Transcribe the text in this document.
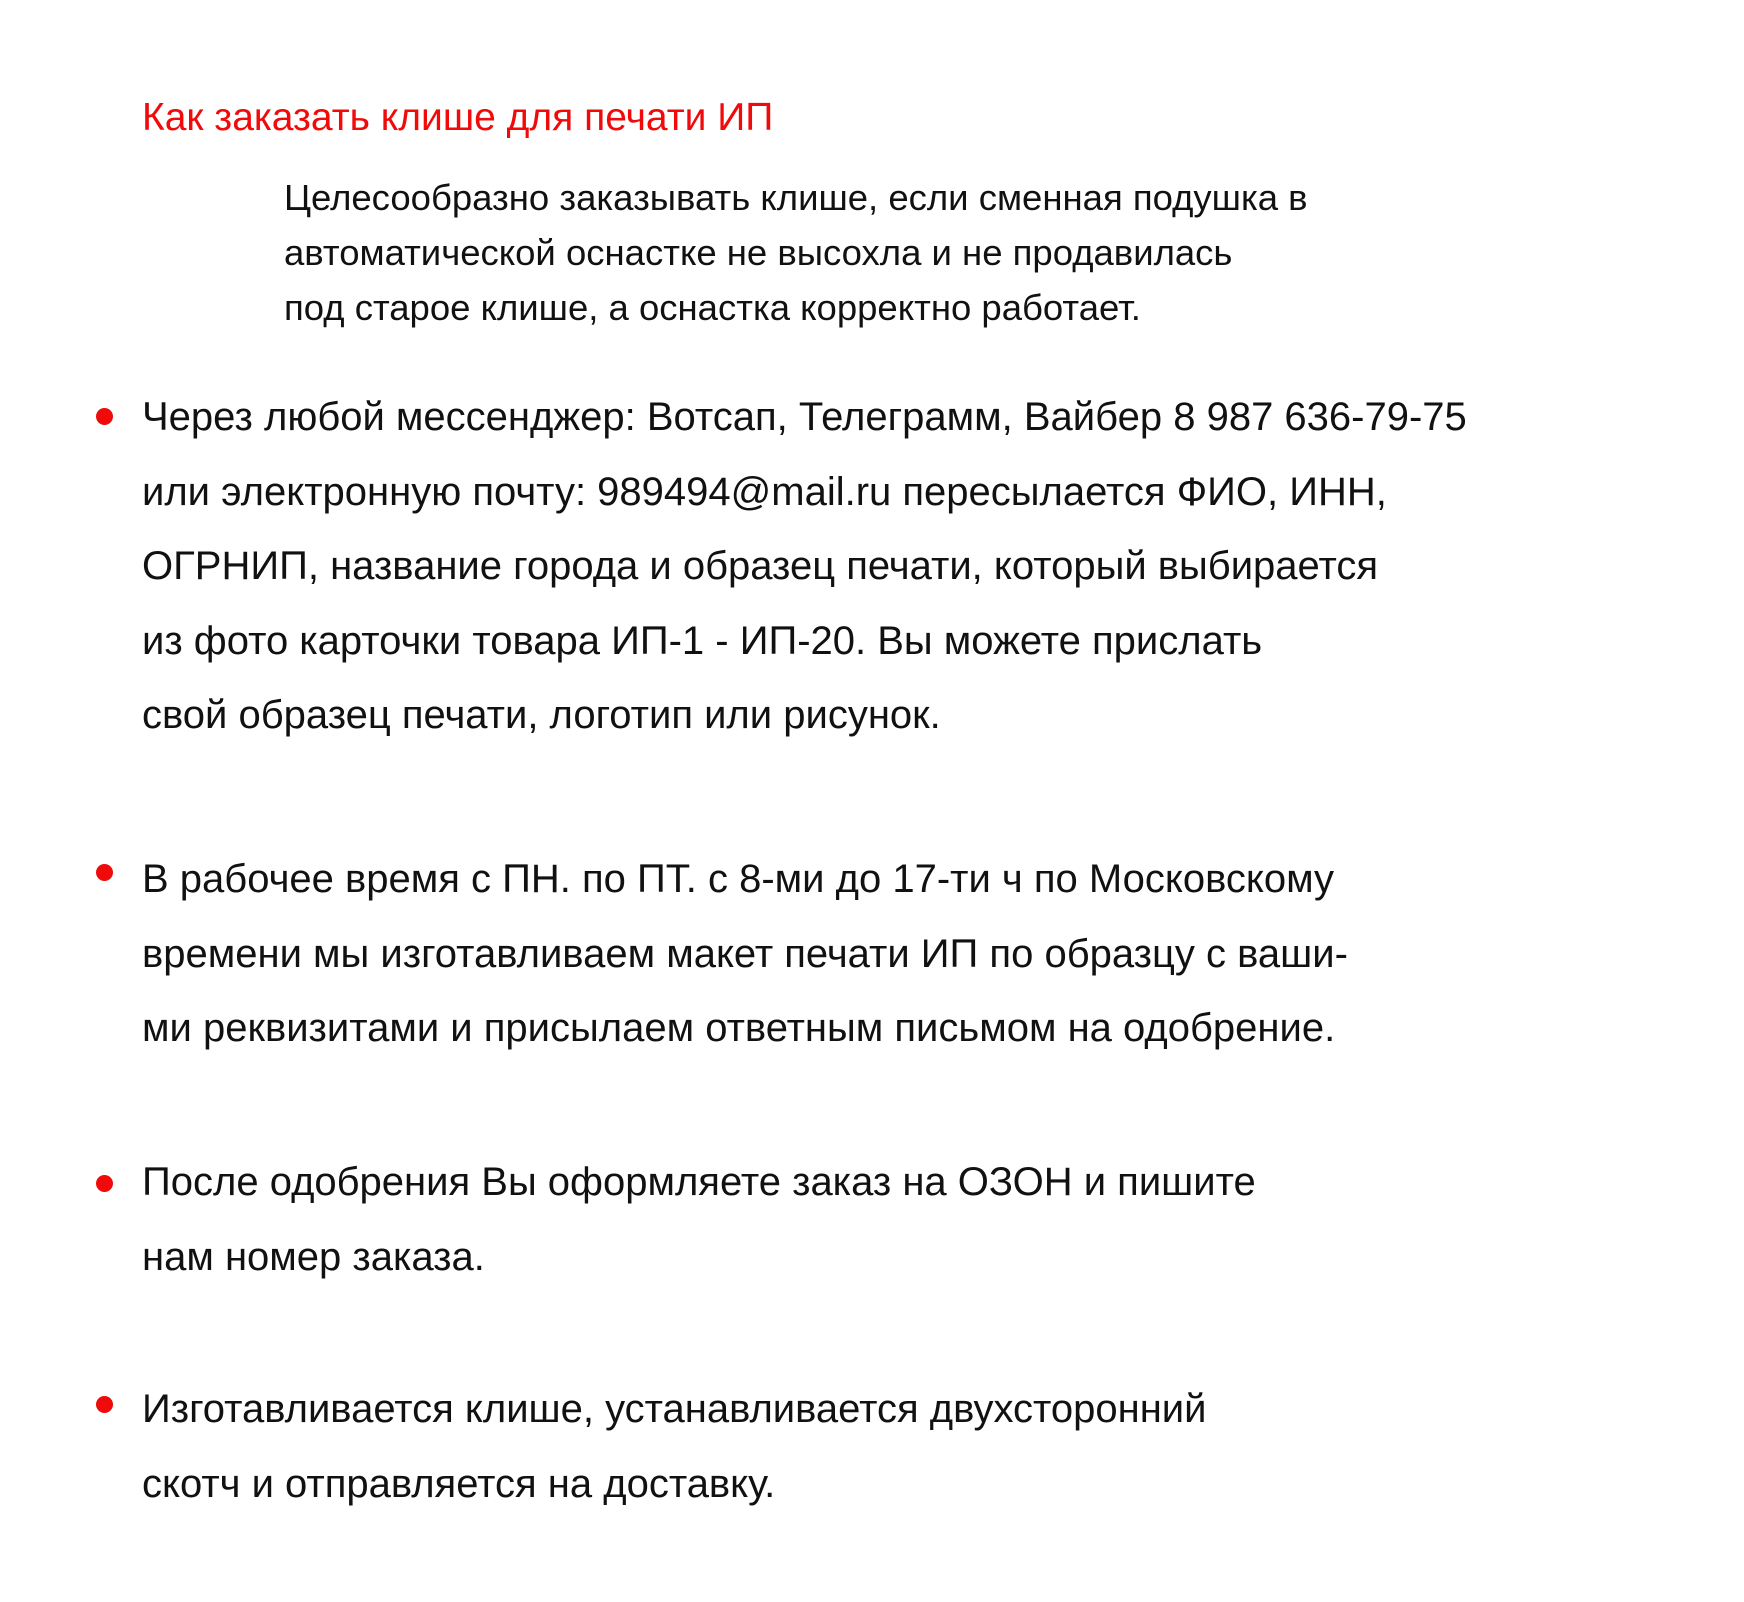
Как заказать клише для печати ИП
Целесообразно заказывать клише, если сменная подушка в
автоматической оснастке не высохла и не продавилась
под старое клише, а оснастка корректно работает.
Через любой мессенджер: Вотсап, Телеграмм, Вайбер 8 987 636-79-75
или электронную почту: 989494@mail.ru пересылается ФИО, ИНН,
ОГРНИП, название города и образец печати, который выбирается
из фото карточки товара ИП-1 - ИП-20. Вы можете прислать
свой образец печати, логотип или рисунок.
В рабочее время с ПН. по ПТ. с 8-ми до 17-ти ч по Московскому
времени мы изготавливаем макет печати ИП по образцу с ваши-
ми реквизитами и присылаем ответным письмом на одобрение.
После одобрения Вы оформляете заказ на ОЗОН и пишите
нам номер заказа.
Изготавливается клише, устанавливается двухсторонний
скотч и отправляется на доставку.
